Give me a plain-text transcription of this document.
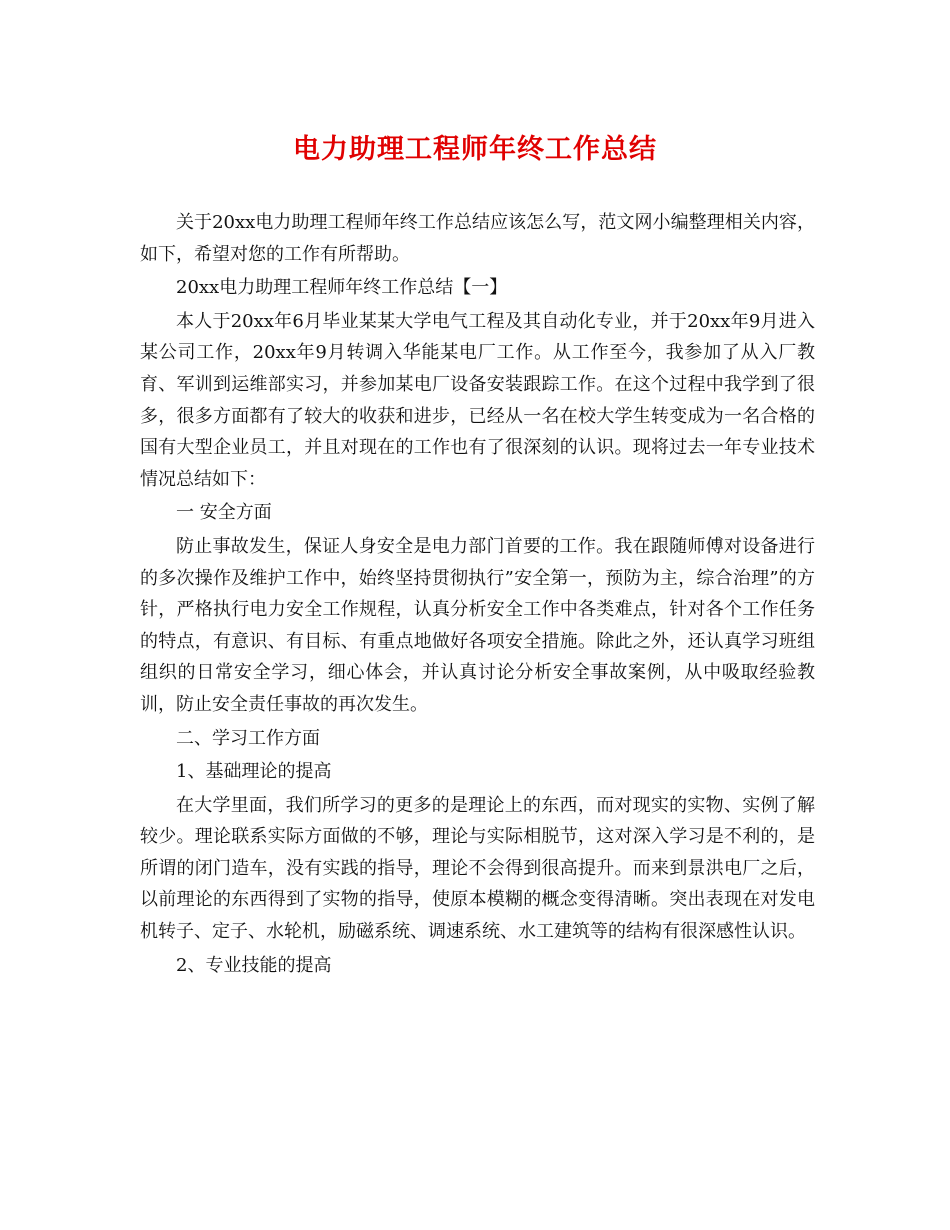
电力助理工程师年终工作总结

关于20xx电力助理工程师年终工作总结应该怎么写，范文网小编整理相关内容，如下，希望对您的工作有所帮助。

20xx电力助理工程师年终工作总结【一】

本人于20xx年6月毕业某某大学电气工程及其自动化专业，并于20xx年9月进入某公司工作，20xx年9月转调入华能某电厂工作。从工作至今，我参加了从入厂教育、军训到运维部实习，并参加某电厂设备安装跟踪工作。在这个过程中我学到了很多，很多方面都有了较大的收获和进步，已经从一名在校大学生转变成为一名合格的国有大型企业员工，并且对现在的工作也有了很深刻的认识。现将过去一年专业技术情况总结如下：

一 安全方面

防止事故发生，保证人身安全是电力部门首要的工作。我在跟随师傅对设备进行的多次操作及维护工作中，始终坚持贯彻执行”安全第一，预防为主，综合治理”的方针，严格执行电力安全工作规程，认真分析安全工作中各类难点，针对各个工作任务的特点，有意识、有目标、有重点地做好各项安全措施。除此之外，还认真学习班组组织的日常安全学习，细心体会，并认真讨论分析安全事故案例，从中吸取经验教训，防止安全责任事故的再次发生。

二、学习工作方面

1、基础理论的提高

在大学里面，我们所学习的更多的是理论上的东西，而对现实的实物、实例了解较少。理论联系实际方面做的不够，理论与实际相脱节，这对深入学习是不利的，是所谓的闭门造车，没有实践的指导，理论不会得到很高提升。而来到景洪电厂之后，以前理论的东西得到了实物的指导，使原本模糊的概念变得清晰。突出表现在对发电机转子、定子、水轮机，励磁系统、调速系统、水工建筑等的结构有很深感性认识。

2、专业技能的提高
